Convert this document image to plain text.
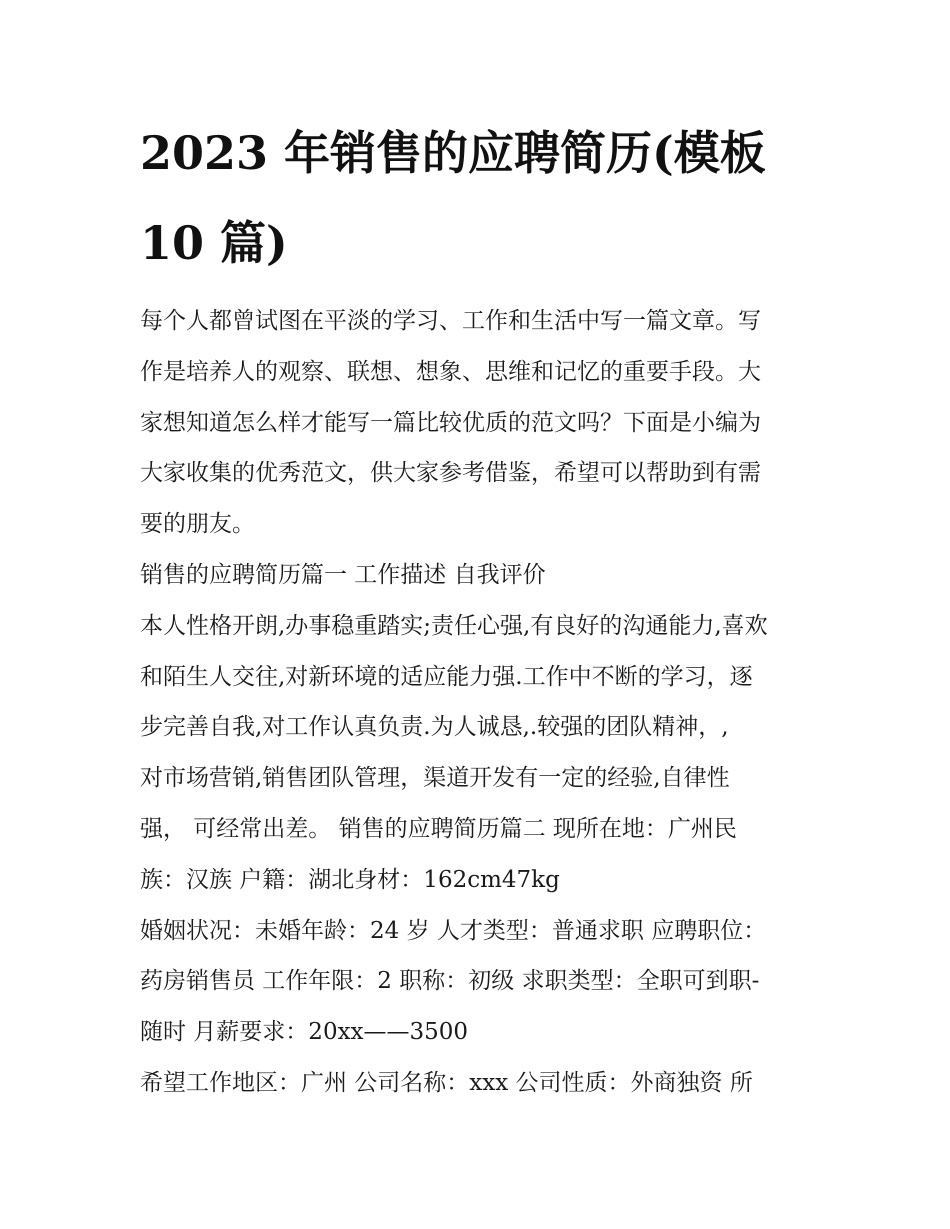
2023 年销售的应聘简历(模板
10 篇)
每个人都曾试图在平淡的学习、工作和生活中写一篇文章。写
作是培养人的观察、联想、想象、思维和记忆的重要手段。大
家想知道怎么样才能写一篇比较优质的范文吗？下面是小编为
大家收集的优秀范文，供大家参考借鉴，希望可以帮助到有需
要的朋友。
销售的应聘简历篇一 工作描述 自我评价
本人性格开朗,办事稳重踏实;责任心强,有良好的沟通能力,喜欢
和陌生人交往,对新环境的适应能力强.工作中不断的学习，逐
步完善自我,对工作认真负责.为人诚恳,.较强的团队精神，,
对市场营销,销售团队管理，渠道开发有一定的经验,自律性
强， 可经常出差。 销售的应聘简历篇二 现所在地：广州民
族：汉族 户籍：湖北身材：162cm47kg
婚姻状况：未婚年龄：24 岁 人才类型：普通求职 应聘职位：
药房销售员 工作年限：2 职称：初级 求职类型：全职可到职-
随时 月薪要求：20xx——3500
希望工作地区：广州 公司名称：xxx 公司性质：外商独资 所
